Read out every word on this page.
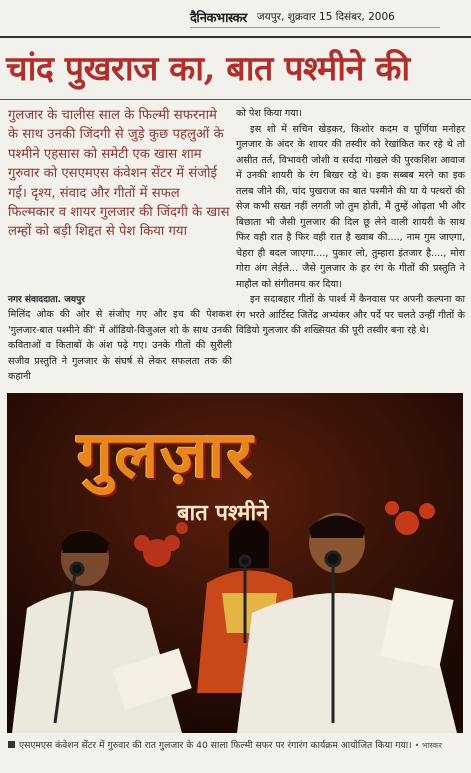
दैनिकभास्कर जयपुर, शुक्रवार 15 दिसंबर, 2006
चांद पुखराज का, बात पश्मीने की
गुलजार के चालीस साल के फिल्मी सफरनामे के साथ उनकी जिंदगी से जुड़े कुछ पहलुओं के पश्मीने एहसास को समेटी एक खास शाम गुरुवार को एसएमएस कंवेशन सेंटर में संजोई गई। दृश्य, संवाद और गीतों में सफल फिल्मकार व शायर गुलजार की जिंदगी के खास लम्हों को बड़ी शिद्दत से पेश किया गया
नगर संवाददाता. जयपुर
मिलिंद ओक की ओर से संजोए गए और इच की पेशकश 'गुलजार-बात पश्मीने की' में ऑडियो-विजुअल शो के साथ उनकी कविताओं व किताबों के अंश पढ़े गए। उनके गीतों की सुरीली सजीव प्रस्तुति ने गुलजार के संघर्ष से लेकर सफलता तक की कहानी

को पेश किया गया।

इस शो में सचिन खेड़कर, किशोर कदम व पूर्णिया मनोहर गुलजार के अंदर के शायर की तस्वीर को रेखांकित कर रहे थे तो असीत तर्त, विभावरी जोशी व सर्वदा गोखले की पुरकशिश आवाज में उनकी शायरी के रंग बिखर रहे थे। इक सब्बब मरने का इक तलब जीने की, चांद पुखराज का बात पश्मीने की या ये पत्थरों की सेज कभी सख्त नहीं लगती जो तुम होती, मैं तुम्हें ओढ़ता भी और बिछाता भी जैसी गुलजार की दिल छू लेने वाली शायरी के साथ फिर वही रात है फिर वही रात है ख्वाब की...., नाम गुम जाएगा, चेहरा ही बदल जाएगा...., पुकार लो, तुम्हारा इंतजार है...., मोरा गोरा अंग लेईले... जैसे गुलजार के हर रंग के गीतों की प्रस्तुति ने माहौल को संगीतमय कर दिया।

इन सदाबहार गीतों के पार्श्व में कैनवास पर अपनी कल्पना का रंग भरते आर्टिस्ट जितेंद्र अभ्यंकर और पर्दे पर चलते उन्हीं गीतों के विडियो गुलजार की शख्सियत की पूरी तस्वीर बना रहे थे।

गुलज़ार
बात पश्मीने
एसएमएस कंवेशन सेंटर में गुरुवार की रात गुलजार के 40 साला फिल्मी सफर पर रंगारंग कार्यक्रम आयोजित किया गया। • भास्कर
